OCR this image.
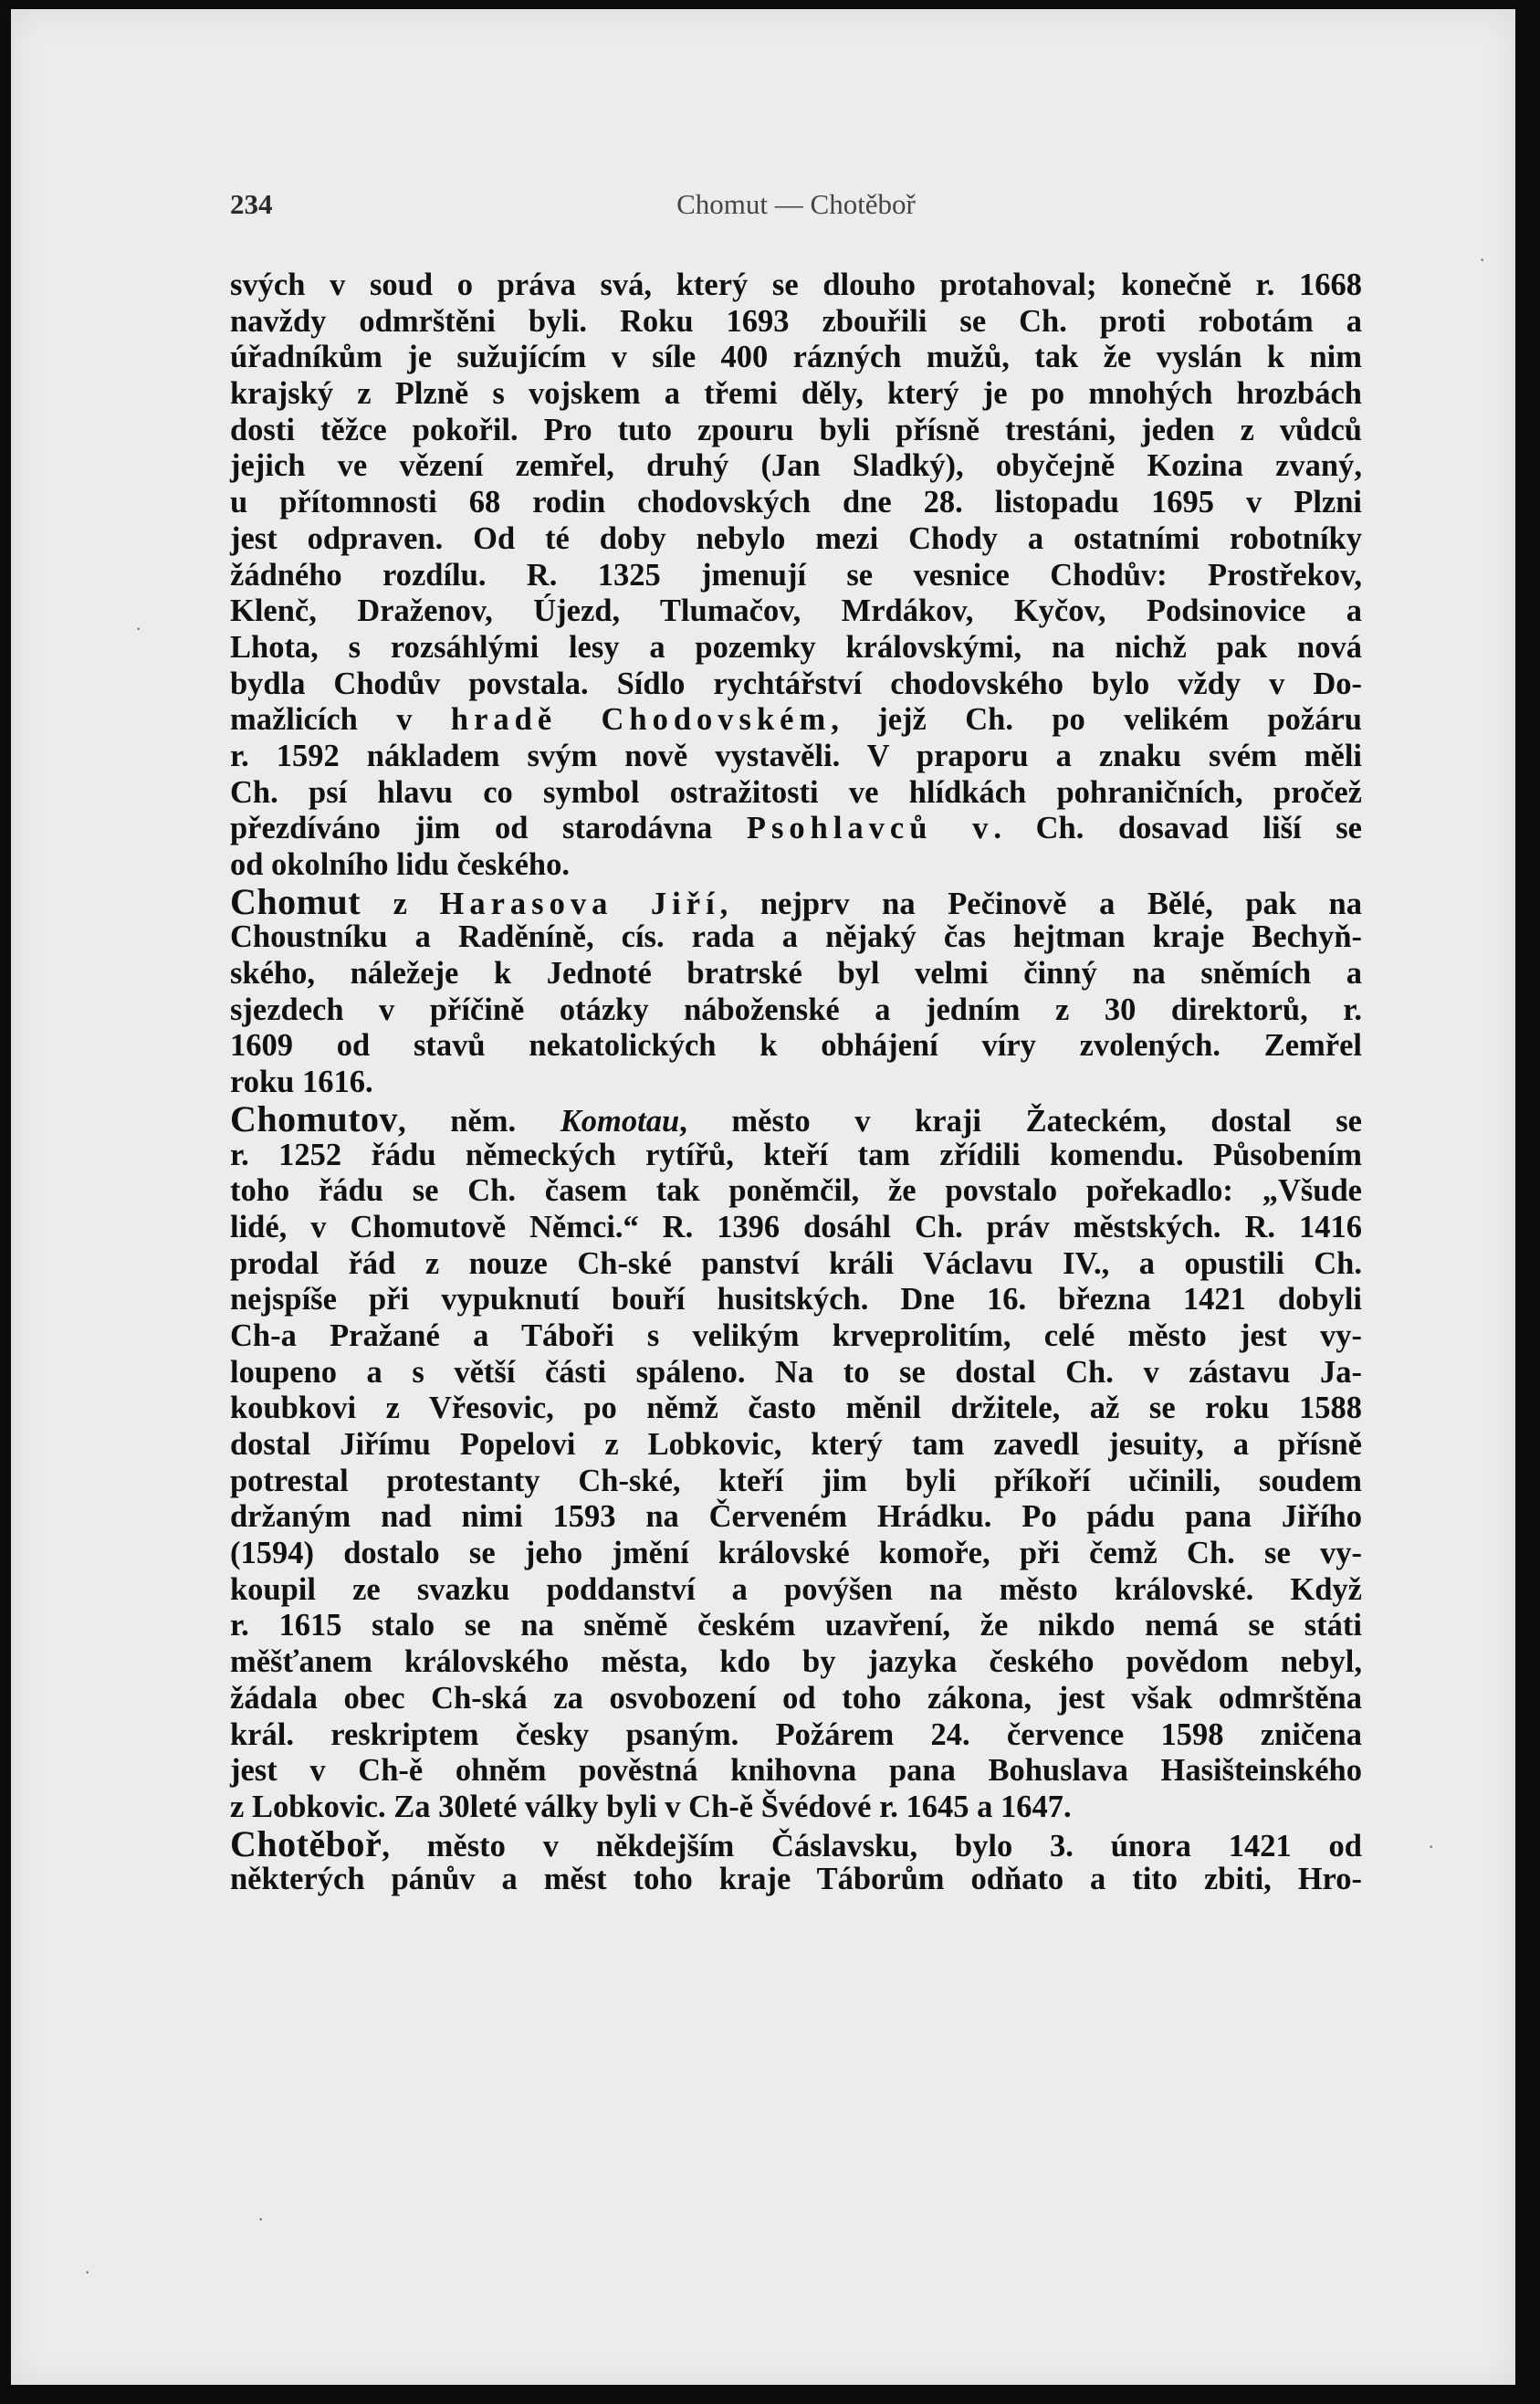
234	Chomut — Chotěboř
svých v soud o práva svá, který se dlouho protahoval; konečně r. 1668
navždy odmrštěni byli. Roku 1693 zbouřili se Ch. proti robotám a
úřadníkům je sužujícím v síle 400 rázných mužů, tak že vyslán k nim
krajský z Plzně s vojskem a třemi děly, který je po mnohých hrozbách
dosti těžce pokořil. Pro tuto zpouru byli přísně trestáni, jeden z vůdců
jejich ve vězení zemřel, druhý (Jan Sladký), obyčejně Kozina zvaný,
u přítomnosti 68 rodin chodovských dne 28. listopadu 1695 v Plzni
jest odpraven. Od té doby nebylo mezi Chody a ostatními robotníky
žádného rozdílu. R. 1325 jmenují se vesnice Chodův: Prostřekov,
Klenč, Draženov, Újezd, Tlumačov, Mrdákov, Kyčov, Podsinovice a
Lhota, s rozsáhlými lesy a pozemky královskými, na nichž pak nová
bydla Chodův povstala. Sídlo rychtářství chodovského bylo vždy v Do-
mažlicích v hradě Chodovském, jejž Ch. po velikém požáru
r. 1592 nákladem svým nově vystavěli. V praporu a znaku svém měli
Ch. psí hlavu co symbol ostražitosti ve hlídkách pohraničních, pročež
přezdíváno jim od starodávna Psohlavců v. Ch. dosavad liší se
od okolního lidu českého.
Chomut z Harasova Jiří, nejprv na Pečinově a Bělé, pak na
Choustníku a Raděníně, cís. rada a nějaký čas hejtman kraje Bechyň-
ského, náležeje k Jednoté bratrské byl velmi činný na sněmích a
sjezdech v příčině otázky náboženské a jedním z 30 direktorů, r.
1609 od stavů nekatolických k obhájení víry zvolených. Zemřel
roku 1616.
Chomutov, něm. Komotau, město v kraji Žateckém, dostal se
r. 1252 řádu německých rytířů, kteří tam zřídili komendu. Působením
toho řádu se Ch. časem tak poněmčil, že povstalo pořekadlo: „Všude
lidé, v Chomutově Němci.“ R. 1396 dosáhl Ch. práv městských. R. 1416
prodal řád z nouze Ch-ské panství králi Václavu IV., a opustili Ch.
nejspíše při vypuknutí bouří husitských. Dne 16. března 1421 dobyli
Ch-a Pražané a Táboři s velikým krveprolitím, celé město jest vy-
loupeno a s větší části spáleno. Na to se dostal Ch. v zástavu Ja-
koubkovi z Vřesovic, po němž často měnil držitele, až se roku 1588
dostal Jiřímu Popelovi z Lobkovic, který tam zavedl jesuity, a přísně
potrestal protestanty Ch-ské, kteří jim byli příkoří učinili, soudem
držaným nad nimi 1593 na Červeném Hrádku. Po pádu pana Jiřího
(1594) dostalo se jeho jmění královské komoře, při čemž Ch. se vy-
koupil ze svazku poddanství a povýšen na město královské. Když
r. 1615 stalo se na sněmě českém uzavření, že nikdo nemá se státi
měšťanem královského města, kdo by jazyka českého povědom nebyl,
žádala obec Ch-ská za osvobození od toho zákona, jest však odmrštěna
král. reskriptem česky psaným. Požárem 24. července 1598 zničena
jest v Ch-ě ohněm pověstná knihovna pana Bohuslava Hasišteinského
z Lobkovic. Za 30leté války byli v Ch-ě Švédové r. 1645 a 1647.
Chotěboř, město v někdejším Čáslavsku, bylo 3. února 1421 od
některých pánův a měst toho kraje Táborům odňato a tito zbiti, Hro-
·
·
·
·
·
